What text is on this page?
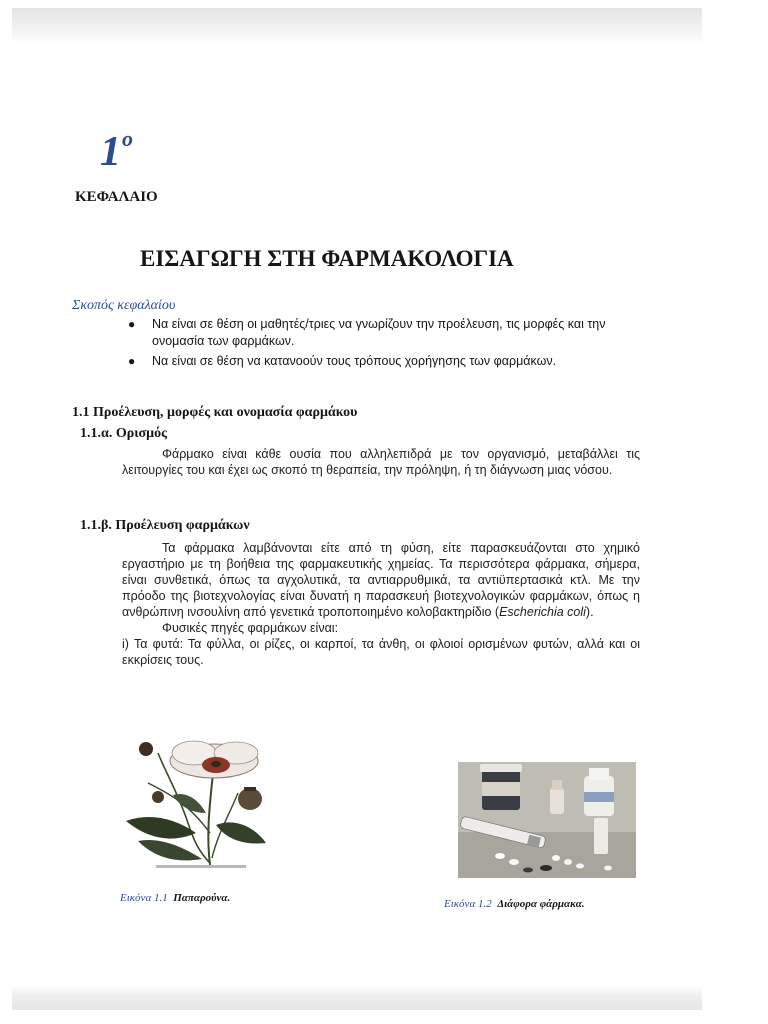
$1^o$
ΚΕΦΑΛΑΙΟ
ΕΙΣΑΓΩΓΗ ΣΤΗ ΦΑΡΜΑΚΟΛΟΓΙΑ
Σκοπός κεφαλαίου
● Να είναι σε θέση οι μαθητές/τριες να γνωρίζουν την προέλευση, τις μορφές και την ονομασία των φαρμάκων.
● Να είναι σε θέση να κατανοούν τους τρόπους χορήγησης των φαρμάκων.
1.1 Προέλευση, μορφές και ονομασία φαρμάκου
1.1.α. Ορισμός

Φάρμακο είναι κάθε ουσία που αλληλεπιδρά με τον οργανισμό, μεταβάλλει τις λειτουργίες του και έχει ως σκοπό τη θεραπεία, την πρόληψη, ή τη διάγνωση μιας νόσου.

1.1.β. Προέλευση φαρμάκων

Τα φάρμακα λαμβάνονται είτε από τη φύση, είτε παρασκευάζονται στο χημικό εργαστήριο με τη βοήθεια της φαρμακευτικής χημείας. Τα περισσότερα φάρμακα, σήμερα, είναι συνθετικά, όπως τα αγχολυτικά, τα αντιαρρυθμικά, τα αντιϋπερτασικά κτλ. Με την πρόοδο της βιοτεχνολογίας είναι δυνατή η παρασκευή βιοτεχνολογικών φαρμάκων, όπως η ανθρώπινη ινσουλίνη από γενετικά τροποποιημένο κολοβακτηρίδιο (Escherichia coli).

Φυσικές πηγές φαρμάκων είναι:

i) Τα φυτά: Τα φύλλα, οι ρίζες, οι καρποί, τα άνθη, οι φλοιοί ορισμένων φυτών, αλλά και οι εκκρίσεις τους.

Εικόνα 1.1 Παπαρούνα.	Εικόνα 1.2 Διάφορα φάρμακα.
